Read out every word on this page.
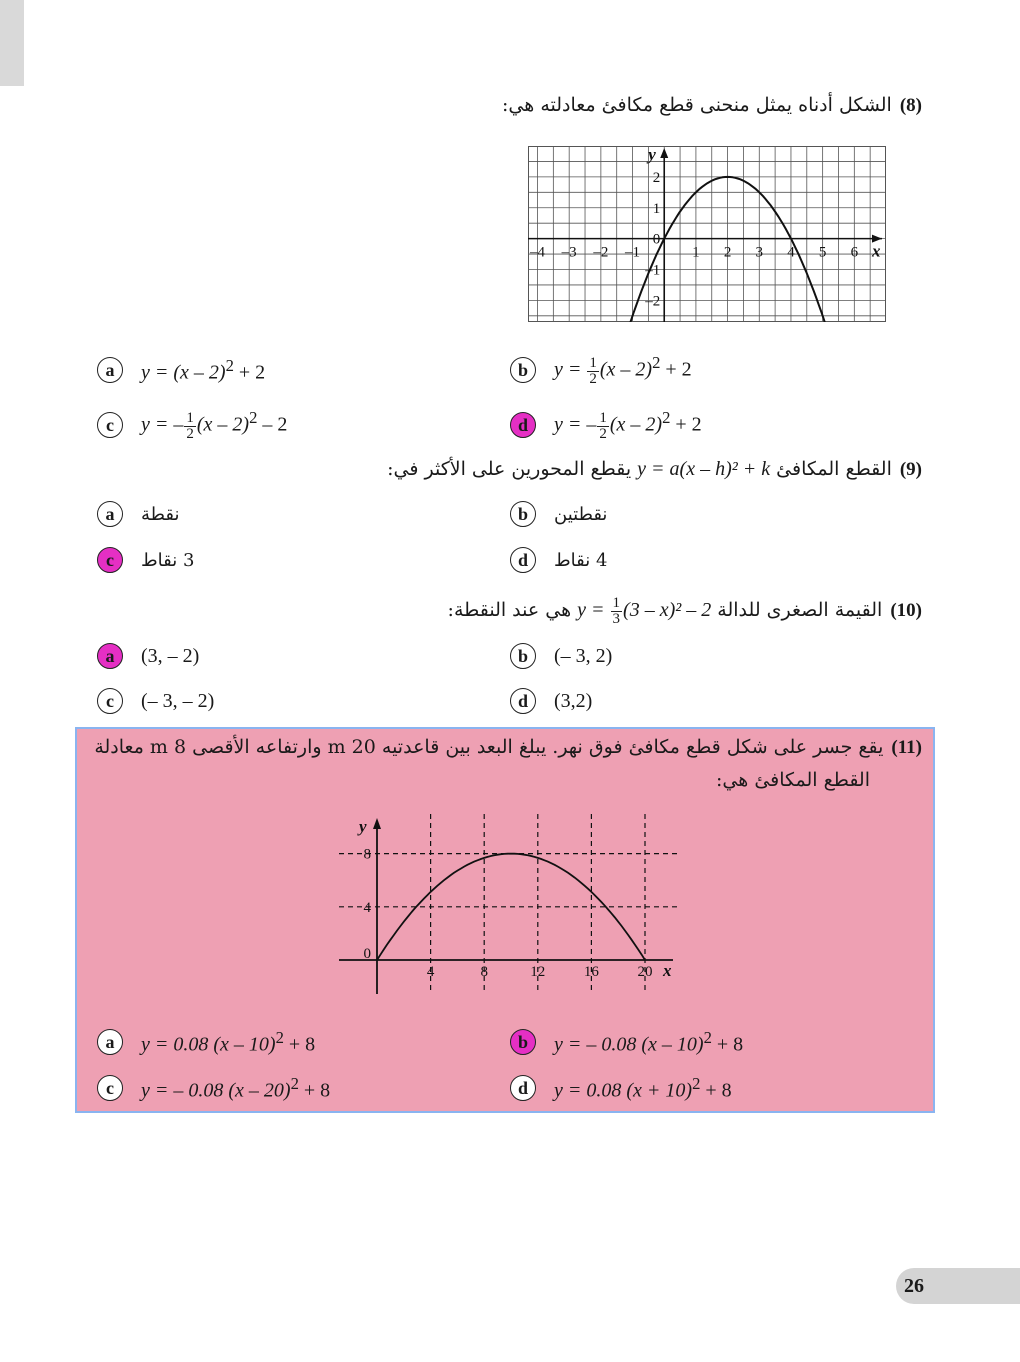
(8)الشكل أدناه يمثل منحنى قطع مكافئ معادلته هي:
–4 –3 –2 –1	1 2 3 4 5 6
–2
–1
0
1
2
x
y
a	y = (x – 2)$^2$ + 2	b	$y = \frac{1}{2} (x - 2)^2 + 2$
c	y = – $\frac{1}{2} (x - 2)^2 - 2$	d	y = – $\frac{1}{2} (x - 2)^2 + 2$
(9)القطع المكافئ y = a(x – h)² + k يقطع المحورين على الأكثر في:
a	نقطة	b	نقطتين
c	3 نقاط	d	4 نقاط
(10)القيمة الصغرى للدالة $y = \frac{1}{3} (3 - x)^2 - 2$ هي عند النقطة:
a	(3, – 2)	b	(– 3, 2)
c	(– 3, – 2)	d	(3,2)
(11)يقع جسر على شكل قطع مكافئ فوق نهر. يبلغ البعد بين قاعدتيه 20 m وارتفاعه الأقصى 8 m معادلة
القطع المكافئ هي:
4	8	12	16	20
0
4
8
x
y
a	y = 0.08 (x – 10)$^2$ + 8	b	y = – 0.08 (x – 10)$^2$ + 8
c	y = – 0.08 (x – 20)$^2$ + 8	d	y = 0.08 $(x + 10)^2 + 8$
26
